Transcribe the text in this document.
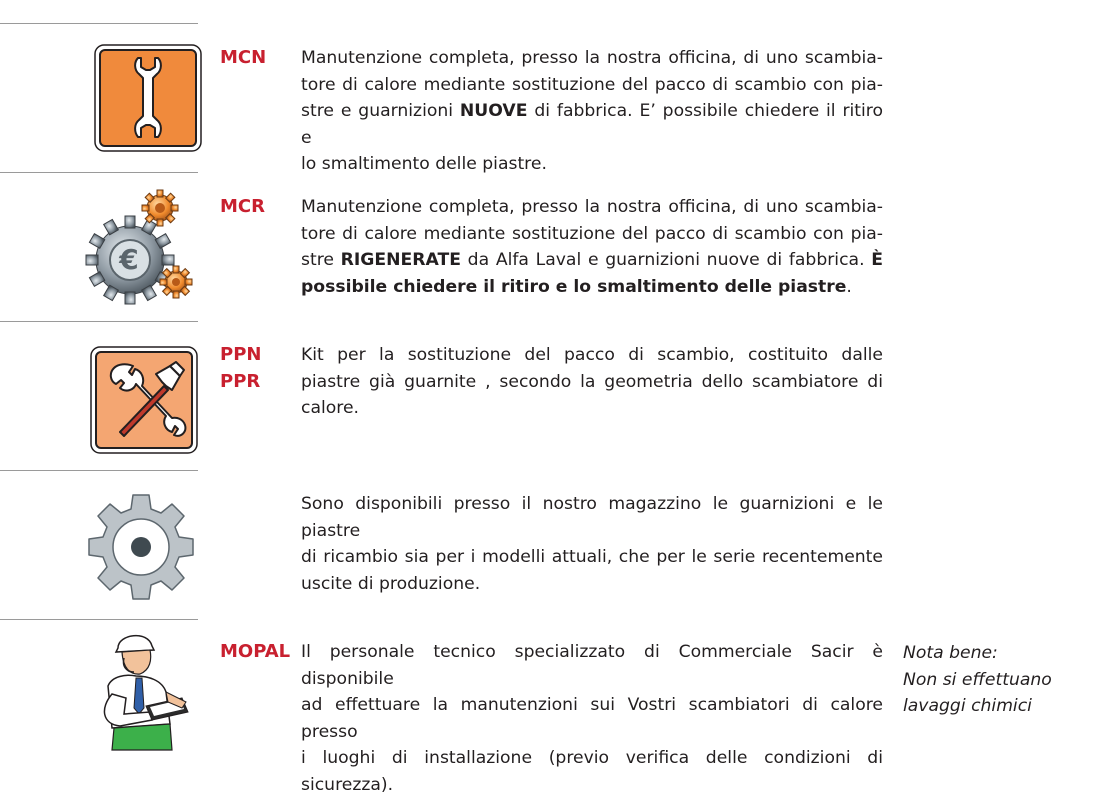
MCN Manutenzione completa, presso la nostra officina, di uno scambia-
tore di calore mediante sostituzione del pacco di scambio con pia-
stre e guarnizioni NUOVE di fabbrica. E’ possibile chiedere il ritiro e
lo smaltimento delle piastre.
€
MCR Manutenzione completa, presso la nostra officina, di uno scambia-
tore di calore mediante sostituzione del pacco di scambio con pia-
stre RIGENERATE da Alfa Laval e guarnizioni nuove di fabbrica. È
possibile chiedere il ritiro e lo smaltimento delle piastre.
PPN
PPR
Kit per la sostituzione del pacco di scambio, costituito dalle
piastre già guarnite , secondo la geometria dello scambiatore di
calore.
Sono disponibili presso il nostro magazzino le guarnizioni e le piastre
di ricambio sia per i modelli attuali, che per le serie recentemente
uscite di produzione.
MOPAL Il personale tecnico specializzato di Commerciale Sacir è disponibile
ad effettuare la manutenzioni sui Vostri scambiatori di calore presso
i luoghi di installazione (previo verifica delle condizioni di sicurezza).
Nota bene:
Non si effettuano
lavaggi chimici
